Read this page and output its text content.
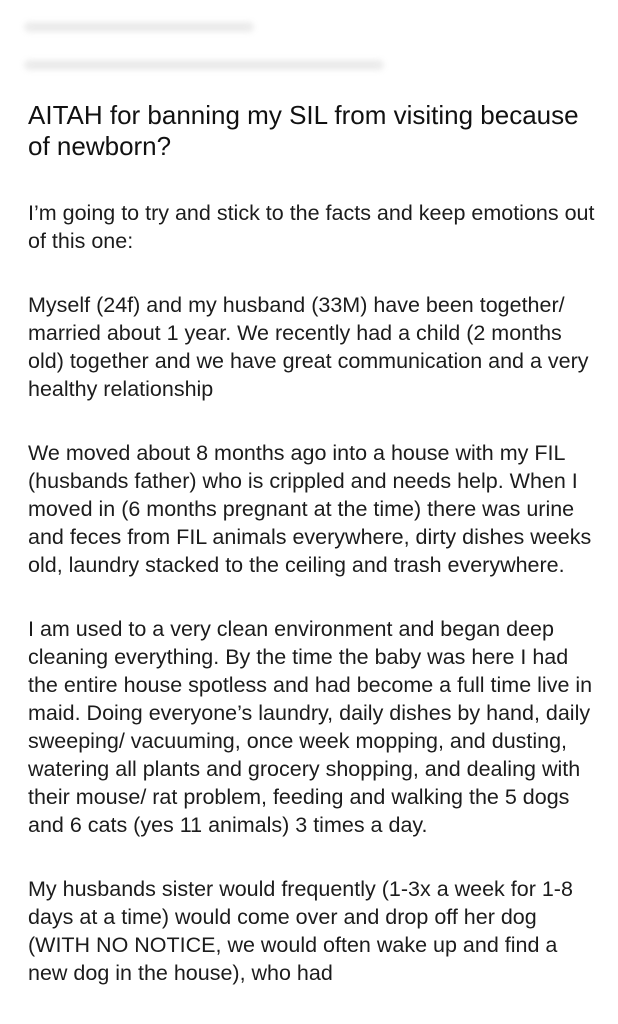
AITAH for banning my SIL from visiting because of newborn?

I’m going to try and stick to the facts and keep emotions out of this one:

Myself (24f) and my husband (33M) have been together/ married about 1 year. We recently had a child (2 months old) together and we have great communication and a very healthy relationship

We moved about 8 months ago into a house with my FIL (husbands father) who is crippled and needs help. When I moved in (6 months pregnant at the time) there was urine and feces from FIL animals everywhere, dirty dishes weeks old, laundry stacked to the ceiling and trash everywhere.

I am used to a very clean environment and began deep cleaning everything. By the time the baby was here I had the entire house spotless and had become a full time live in maid. Doing everyone’s laundry, daily dishes by hand, daily sweeping/ vacuuming, once week mopping, and dusting, watering all plants and grocery shopping, and dealing with their mouse/ rat problem, feeding and walking the 5 dogs and 6 cats (yes 11 animals) 3 times a day.

My husbands sister would frequently (1-3x a week for 1-8 days at a time) would come over and drop off her dog (WITH NO NOTICE, we would often wake up and find a new dog in the house), who had
